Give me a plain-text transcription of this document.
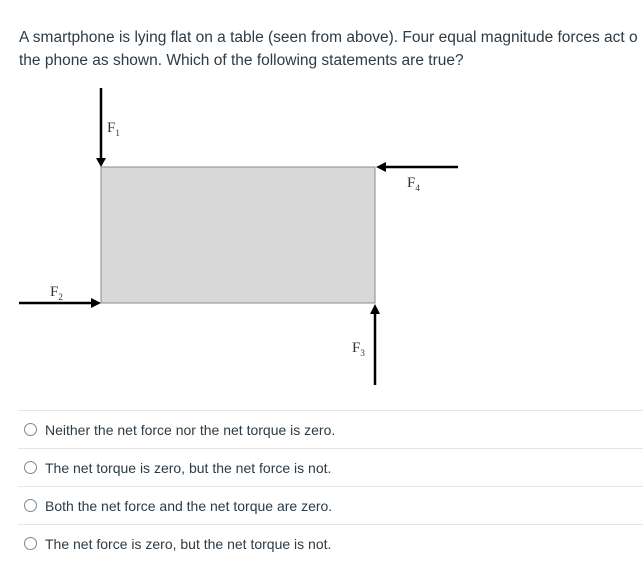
A smartphone is lying flat on a table (seen from above). Four equal magnitude forces act o
the phone as shown. Which of the following statements are true?
$F_1$
$F_2$
$F_3$
$F_4$
Neither the net force nor the net torque is zero.
The net torque is zero, but the net force is not.
Both the net force and the net torque are zero.
The net force is zero, but the net torque is not.
